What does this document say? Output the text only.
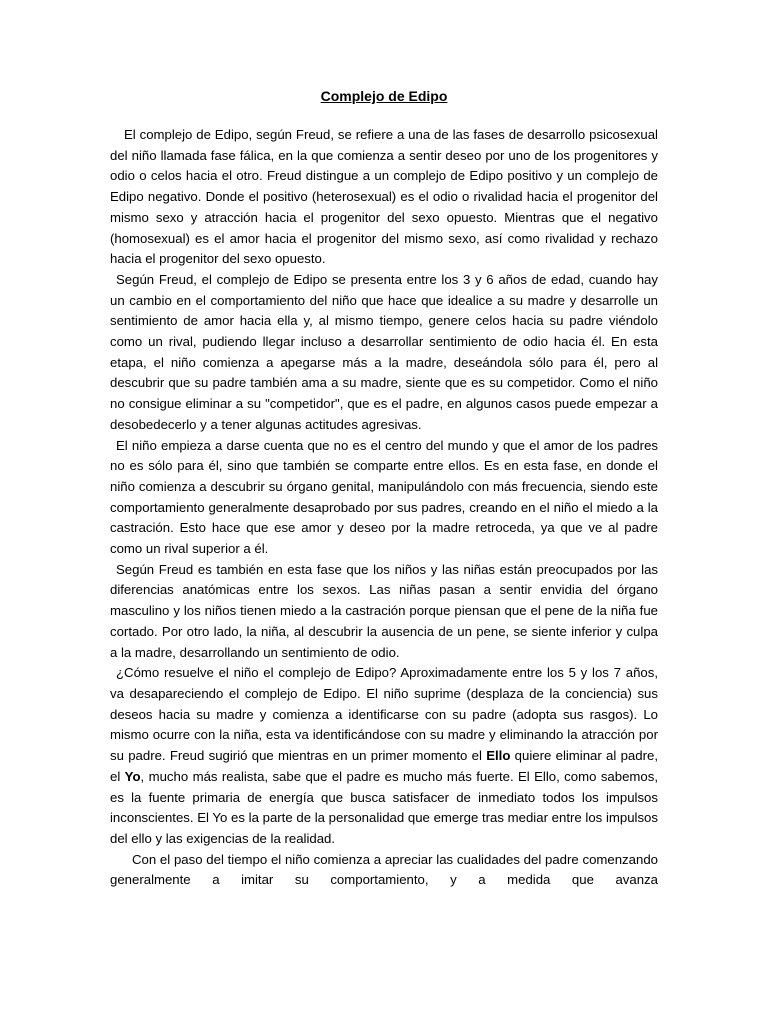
Complejo de Edipo

El complejo de Edipo, según Freud, se refiere a una de las fases de desarrollo psicosexual del niño llamada fase fálica, en la que comienza a sentir deseo por uno de los progenitores y odio o celos hacia el otro. Freud distingue a un complejo de Edipo positivo y un complejo de Edipo negativo. Donde el positivo (heterosexual) es el odio o rivalidad hacia el progenitor del mismo sexo y atracción hacia el progenitor del sexo opuesto. Mientras que el negativo (homosexual) es el amor hacia el progenitor del mismo sexo, así como rivalidad y rechazo hacia el progenitor del sexo opuesto.

Según Freud, el complejo de Edipo se presenta entre los 3 y 6 años de edad, cuando hay un cambio en el comportamiento del niño que hace que idealice a su madre y desarrolle un sentimiento de amor hacia ella y, al mismo tiempo, genere celos hacia su padre viéndolo como un rival, pudiendo llegar incluso a desarrollar sentimiento de odio hacia él. En esta etapa, el niño comienza a apegarse más a la madre, deseándola sólo para él, pero al descubrir que su padre también ama a su madre, siente que es su competidor. Como el niño no consigue eliminar a su "competidor", que es el padre, en algunos casos puede empezar a desobedecerlo y a tener algunas actitudes agresivas.

El niño empieza a darse cuenta que no es el centro del mundo y que el amor de los padres no es sólo para él, sino que también se comparte entre ellos. Es en esta fase, en donde el niño comienza a descubrir su órgano genital, manipulándolo con más frecuencia, siendo este comportamiento generalmente desaprobado por sus padres, creando en el niño el miedo a la castración. Esto hace que ese amor y deseo por la madre retroceda, ya que ve al padre como un rival superior a él.

Según Freud es también en esta fase que los niños y las niñas están preocupados por las diferencias anatómicas entre los sexos. Las niñas pasan a sentir envidia del órgano masculino y los niños tienen miedo a la castración porque piensan que el pene de la niña fue cortado. Por otro lado, la niña, al descubrir la ausencia de un pene, se siente inferior y culpa a la madre, desarrollando un sentimiento de odio.

¿Cómo resuelve el niño el complejo de Edipo? Aproximadamente entre los 5 y los 7 años, va desapareciendo el complejo de Edipo. El niño suprime (desplaza de la conciencia) sus deseos hacia su madre y comienza a identificarse con su padre (adopta sus rasgos). Lo mismo ocurre con la niña, esta va identificándose con su madre y eliminando la atracción por su padre. Freud sugirió que mientras en un primer momento el Ello quiere eliminar al padre, el Yo, mucho más realista, sabe que el padre es mucho más fuerte. El Ello, como sabemos, es la fuente primaria de energía que busca satisfacer de inmediato todos los impulsos inconscientes. El Yo es la parte de la personalidad que emerge tras mediar entre los impulsos del ello y las exigencias de la realidad.

Con el paso del tiempo el niño comienza a apreciar las cualidades del padre comenzando generalmente a imitar su comportamiento, y a medida que avanza
